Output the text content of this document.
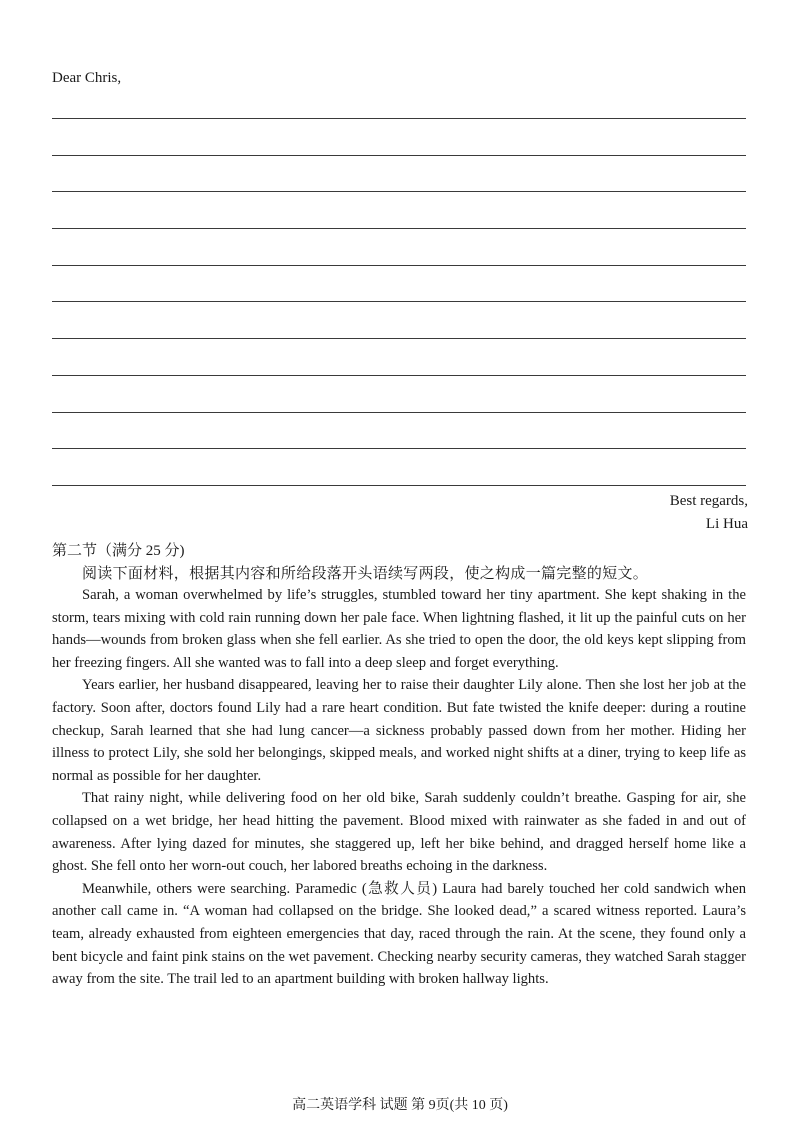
Dear Chris,
Best regards,
Li Hua
第二节（满分 25 分)
阅读下面材料，根据其内容和所给段落开头语续写两段，使之构成一篇完整的短文。

Sarah, a woman overwhelmed by life’s struggles, stumbled toward her tiny apartment. She kept shaking in the storm, tears mixing with cold rain running down her pale face. When lightning flashed, it lit up the painful cuts on her hands—wounds from broken glass when she fell earlier. As she tried to open the door, the old keys kept slipping from her freezing fingers. All she wanted was to fall into a deep sleep and forget everything.

Years earlier, her husband disappeared, leaving her to raise their daughter Lily alone. Then she lost her job at the factory. Soon after, doctors found Lily had a rare heart condition. But fate twisted the knife deeper: during a routine checkup, Sarah learned that she had lung cancer—a sickness probably passed down from her mother. Hiding her illness to protect Lily, she sold her belongings, skipped meals, and worked night shifts at a diner, trying to keep life as normal as possible for her daughter.

That rainy night, while delivering food on her old bike, Sarah suddenly couldn’t breathe. Gasping for air, she collapsed on a wet bridge, her head hitting the pavement. Blood mixed with rainwater as she faded in and out of awareness. After lying dazed for minutes, she staggered up, left her bike behind, and dragged herself home like a ghost. She fell onto her worn-out couch, her labored breaths echoing in the darkness.

Meanwhile, others were searching. Paramedic (急救人员) Laura had barely touched her cold sandwich when another call came in. “A woman had collapsed on the bridge. She looked dead,” a scared witness reported. Laura’s team, already exhausted from eighteen emergencies that day, raced through the rain. At the scene, they found only a bent bicycle and faint pink stains on the wet pavement. Checking nearby security cameras, they watched Sarah stagger away from the site. The trail led to an apartment building with broken hallway lights.

高二英语学科 试题 第 9页(共 10 页)
